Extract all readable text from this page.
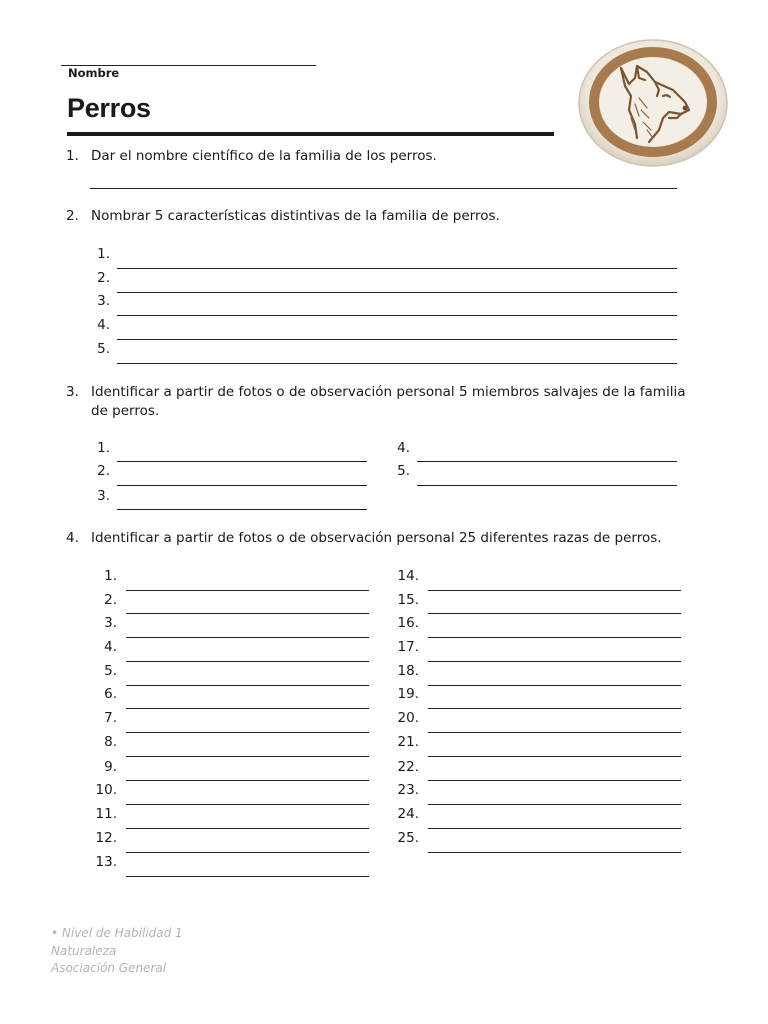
Nombre
Perros
1. Dar el nombre científico de la familia de los perros.
2. Nombrar 5 características distintivas de la familia de perros.
1.
2.
3.
4.
5.
3. Identificar a partir de fotos o de observación personal 5 miembros salvajes de la familia
de perros.
1.
2.
3.
4.
5.
4. Identificar a partir de fotos o de observación personal 25 diferentes razas de perros.
1.
2.
3.
4.
5.
6.
7.
8.
9.
10.
11.
12.
13.
14.
15.
16.
17.
18.
19.
20.
21.
22.
23.
24.
25.
• Nivel de Habilidad 1
Naturaleza
Asociación General
